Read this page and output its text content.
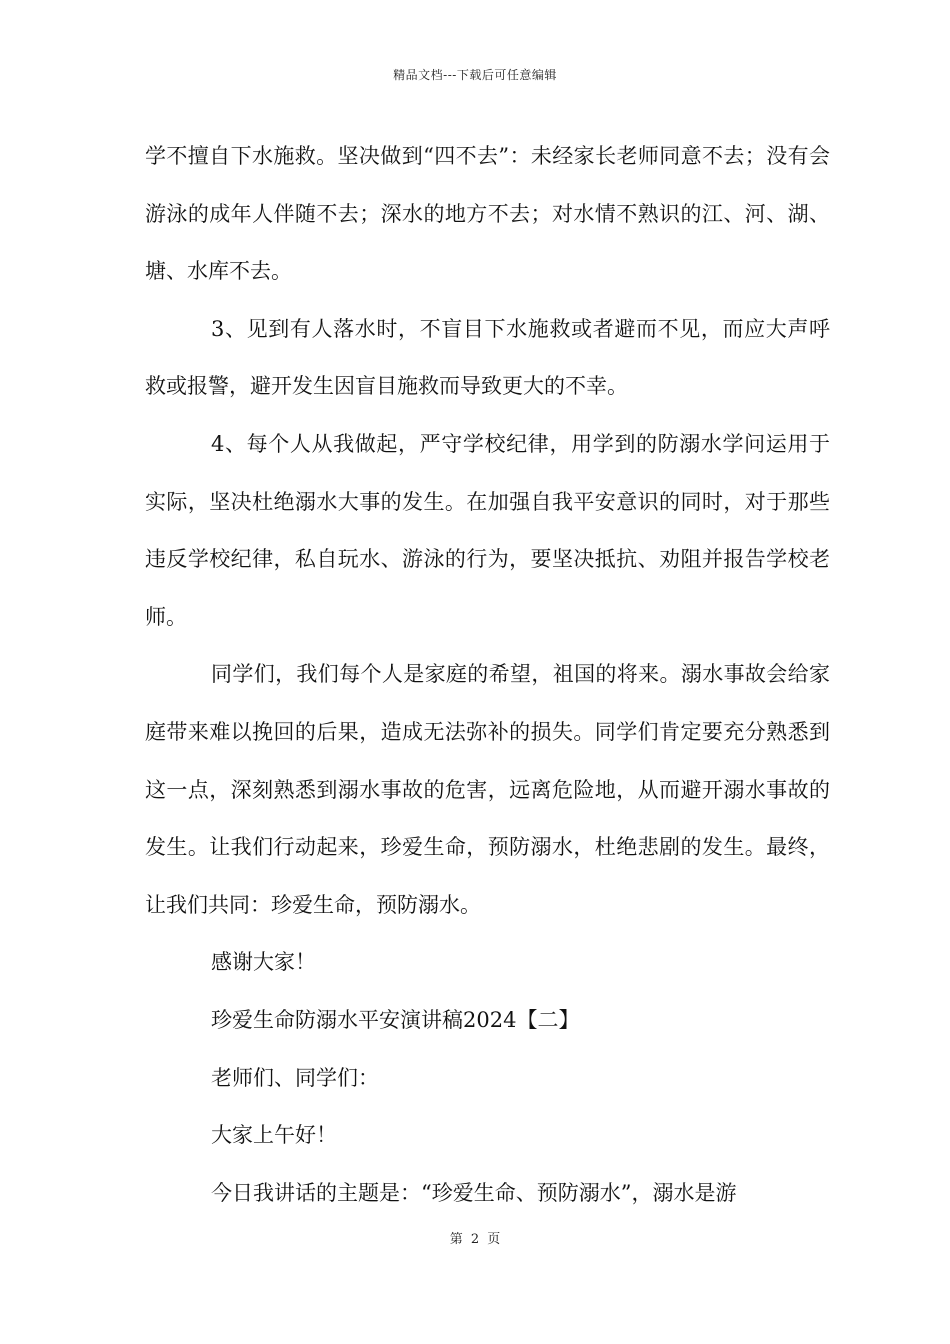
精品文档---下载后可任意编辑

学不擅自下水施救。坚决做到“四不去”：未经家长老师同意不去；没有会游泳的成年人伴随不去；深水的地方不去；对水情不熟识的江、河、湖、塘、水库不去。

3、见到有人落水时，不盲目下水施救或者避而不见，而应大声呼救或报警，避开发生因盲目施救而导致更大的不幸。

4、每个人从我做起，严守学校纪律，用学到的防溺水学问运用于实际，坚决杜绝溺水大事的发生。在加强自我平安意识的同时，对于那些违反学校纪律，私自玩水、游泳的行为，要坚决抵抗、劝阻并报告学校老师。

同学们，我们每个人是家庭的希望，祖国的将来。溺水事故会给家庭带来难以挽回的后果，造成无法弥补的损失。同学们肯定要充分熟悉到这一点，深刻熟悉到溺水事故的危害，远离危险地，从而避开溺水事故的发生。让我们行动起来，珍爱生命，预防溺水，杜绝悲剧的发生。最终，让我们共同：珍爱生命，预防溺水。

感谢大家！

珍爱生命防溺水平安演讲稿2024【二】

老师们、同学们：

大家上午好！

今日我讲话的主题是：“珍爱生命、预防溺水”，溺水是游

第 2 页
